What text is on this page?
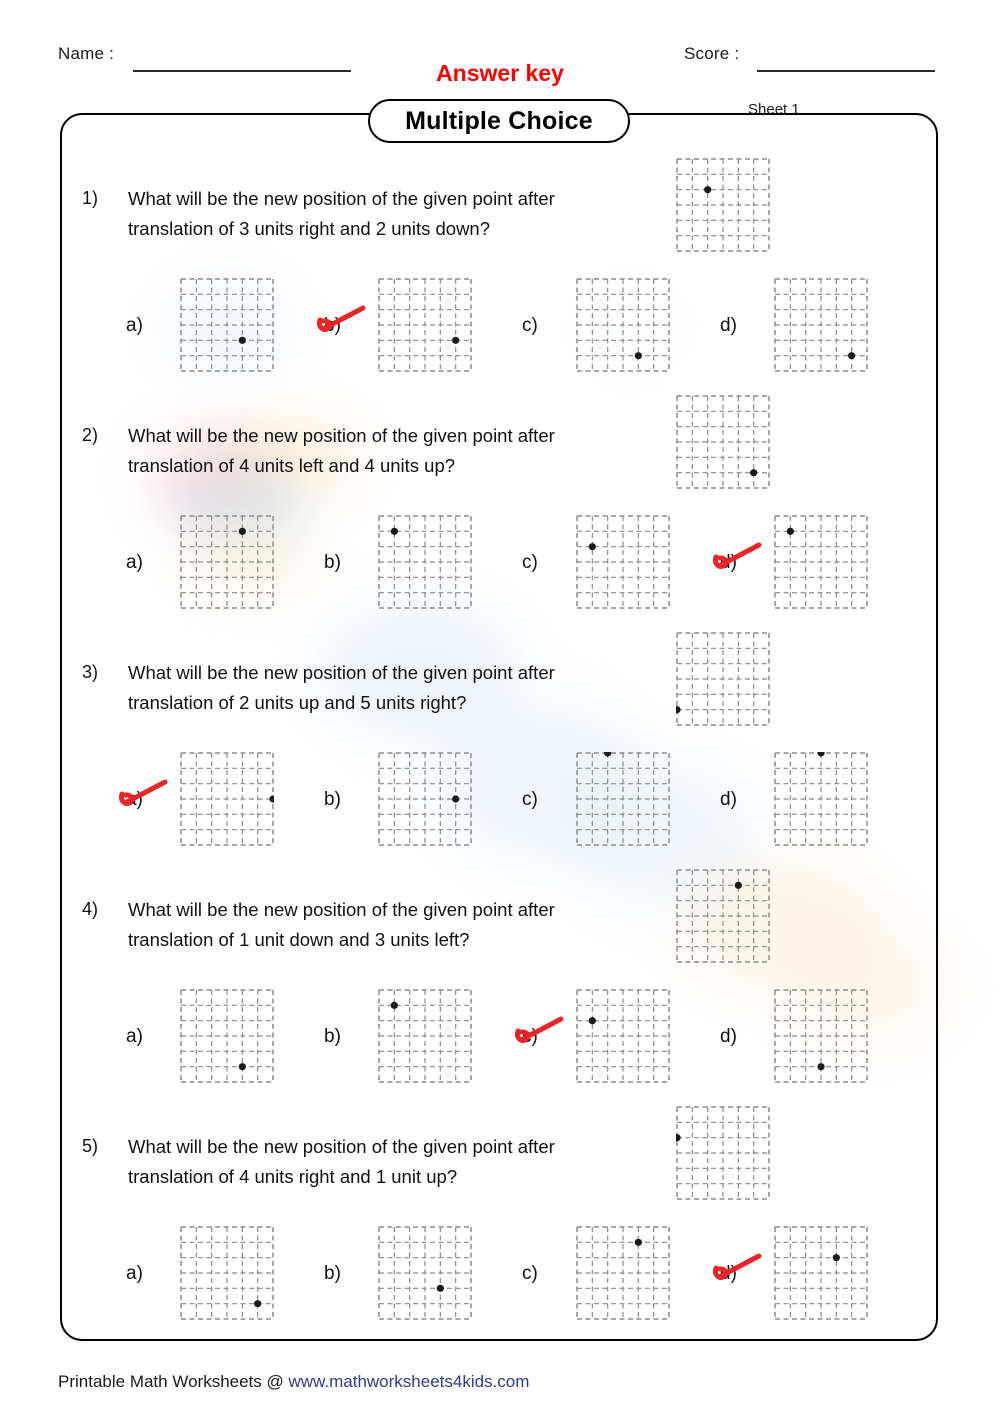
Name :	Score :
Answer key
Sheet 1
Multiple Choice
1) What will be the new position of the given point after
translation of 3 units right and 2 units down?
a)	b)	c)	d)
2) What will be the new position of the given point after
translation of 4 units left and 4 units up?
a)	b)	c)	d)
3) What will be the new position of the given point after
translation of 2 units up and 5 units right?
a)	b)	c)	d)
4) What will be the new position of the given point after
translation of 1 unit down and 3 units left?
a)	b)	c)	d)
5) What will be the new position of the given point after
translation of 4 units right and 1 unit up?
a)	b)	c)	d)
Printable Math Worksheets @ www.mathworksheets4kids.com
